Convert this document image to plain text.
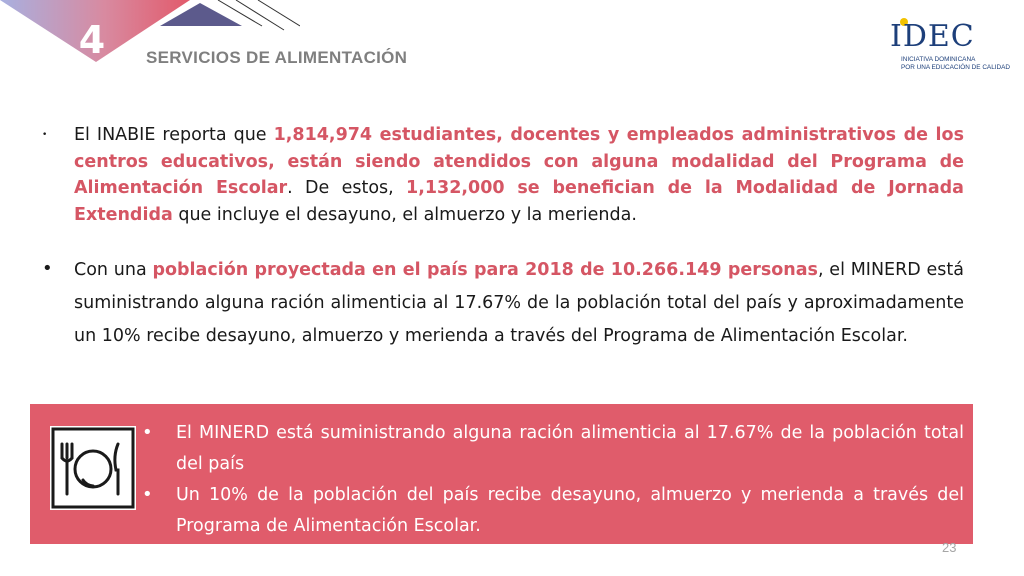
4 SERVICIOS DE ALIMENTACIÓN
IDEC
INICIATIVA DOMINICANA
POR UNA EDUCACIÓN DE CALIDAD
•	El INABIE reporta que 1,814,974 estudiantes, docentes y empleados administrativos de los centros educativos, están siendo atendidos con alguna modalidad del Programa de Alimentación Escolar. De estos, 1,132,000 se benefician de la Modalidad de Jornada Extendida que incluye el desayuno, el almuerzo y la merienda.
•	Con una población proyectada en el país para 2018 de 10.266.149 personas, el MINERD está suministrando alguna ración alimenticia al 17.67% de la población total del país y aproximadamente un 10% recibe desayuno, almuerzo y merienda a través del Programa de Alimentación Escolar.
•	El MINERD está suministrando alguna ración alimenticia al 17.67% de la población total del país
•	Un 10% de la población del país recibe desayuno, almuerzo y merienda a través del Programa de Alimentación Escolar.
23
